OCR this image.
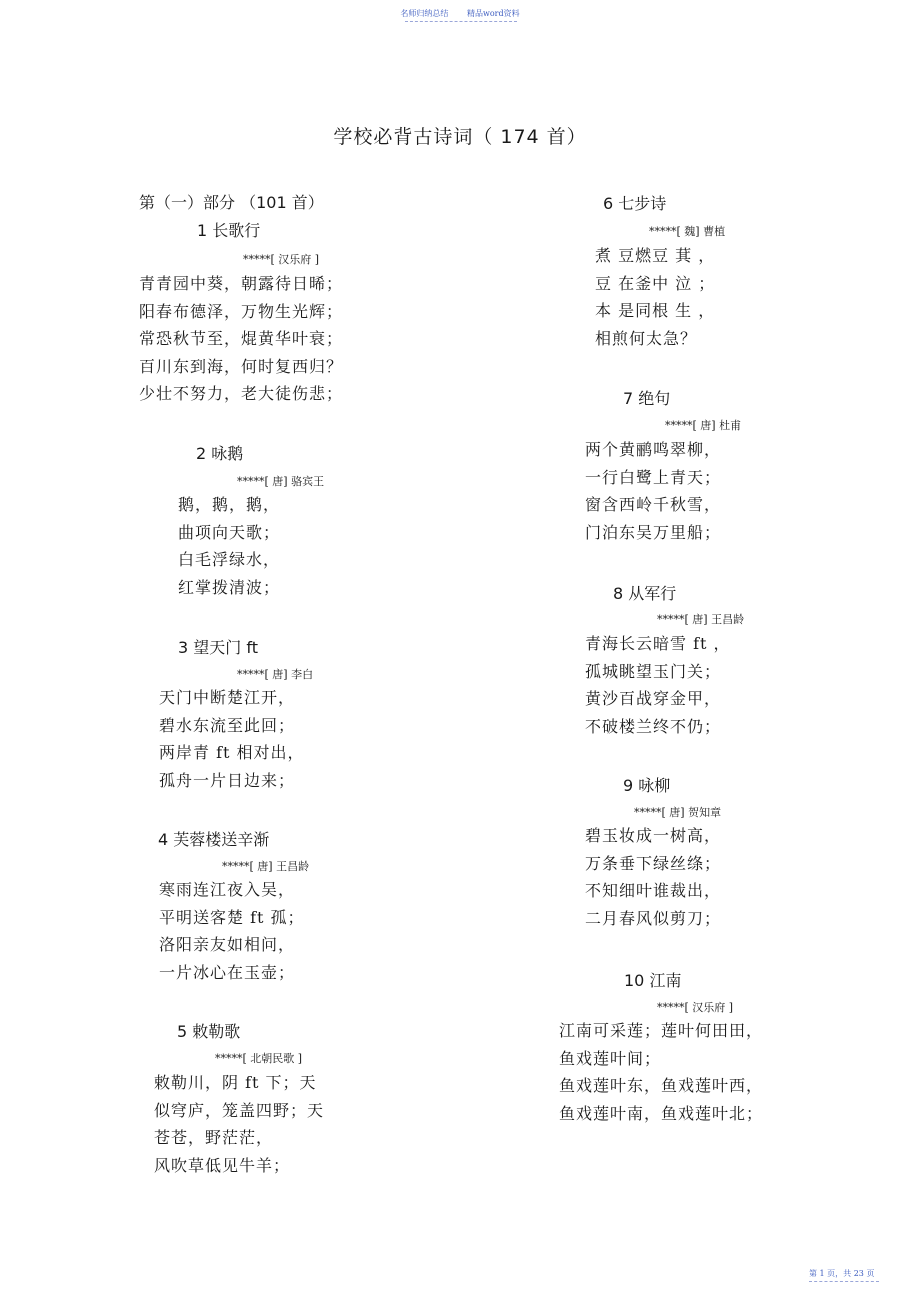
名师归纳总结 精品word资料
学校必背古诗词（ 174 首）
第（一）部分 （101 首）
1 长歌行
*****[ 汉乐府 ]
青青园中葵，朝露待日晞；
阳春布德泽，万物生光辉；
常恐秋节至，焜黄华叶衰；
百川东到海，何时复西归？
少壮不努力，老大徒伤悲；
2 咏鹅
*****[ 唐] 骆宾王
鹅，鹅，鹅，
曲项向天歌；
白毛浮绿水，
红掌拨清波；
3 望天门 ft
*****[ 唐] 李白
天门中断楚江开，
碧水东流至此回；
两岸青 ft 相对出，
孤舟一片日边来；
4 芙蓉楼送辛渐
*****[ 唐] 王昌龄
寒雨连江夜入吴，
平明送客楚 ft 孤；
洛阳亲友如相问，
一片冰心在玉壶；
5 敕勒歌
*****[ 北朝民歌 ]
敕勒川，阴 ft 下；天
似穹庐，笼盖四野；天
苍苍，野茫茫，
风吹草低见牛羊；
6 七步诗
*****[ 魏] 曹植
煮 豆燃豆 萁 ，
豆 在釜中 泣 ；
本 是同根 生 ，
相煎何太急？
7 绝句
*****[ 唐] 杜甫
两个黄鹂鸣翠柳，
一行白鹭上青天；
窗含西岭千秋雪，
门泊东吴万里船；
8 从军行
*****[ 唐] 王昌龄
青海长云暗雪 ft ，
孤城眺望玉门关；
黄沙百战穿金甲，
不破楼兰终不仍；
9 咏柳
*****[ 唐] 贺知章
碧玉妆成一树高，
万条垂下绿丝绦；
不知细叶谁裁出，
二月春风似剪刀；
10 江南
*****[ 汉乐府 ]
江南可采莲；莲叶何田田，
鱼戏莲叶间；
鱼戏莲叶东，鱼戏莲叶西，
鱼戏莲叶南，鱼戏莲叶北；
第 1 页，共 23 页
